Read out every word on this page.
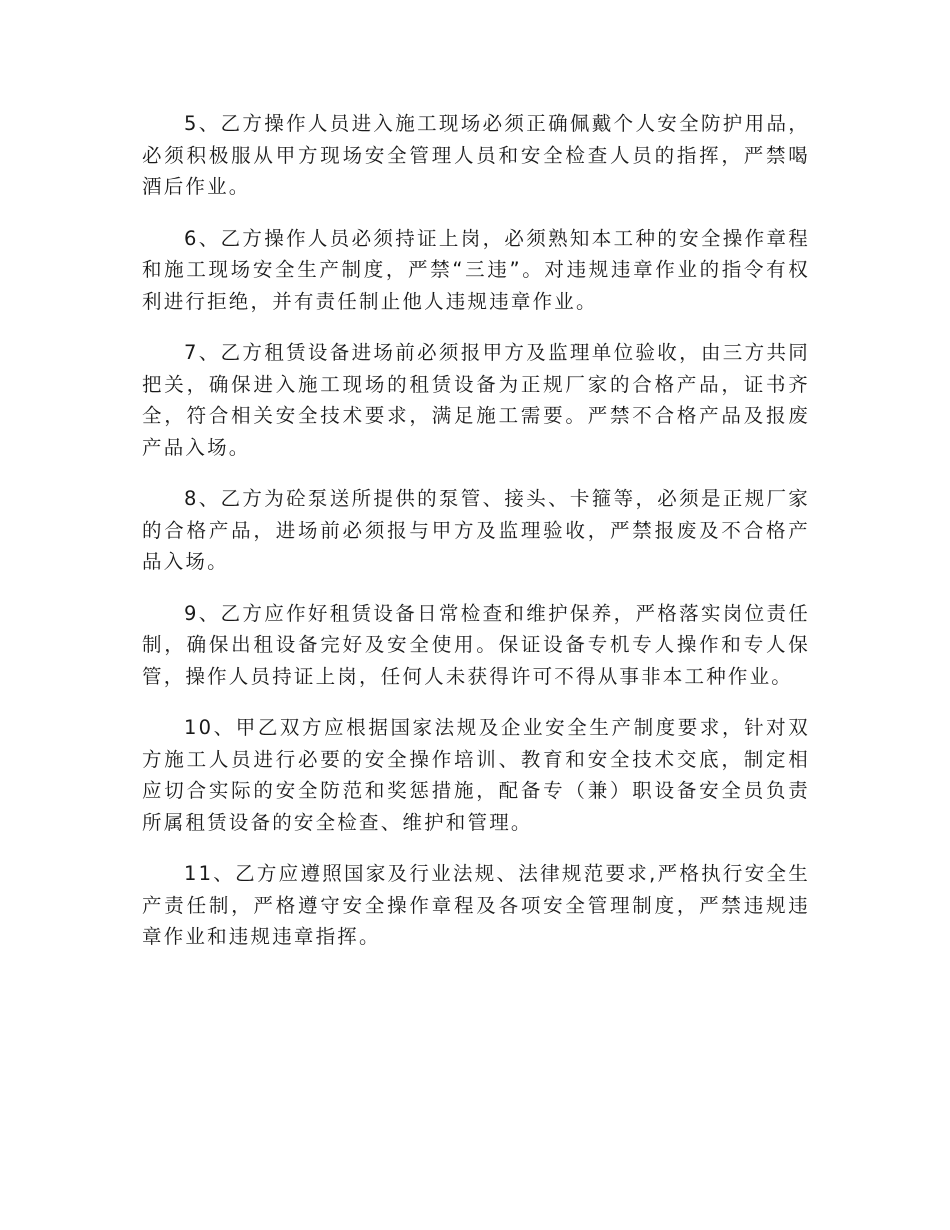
5、乙方操作人员进入施工现场必须正确佩戴个人安全防护用品，必须积极服从甲方现场安全管理人员和安全检查人员的指挥，严禁喝酒后作业。

6、乙方操作人员必须持证上岗，必须熟知本工种的安全操作章程和施工现场安全生产制度，严禁“三违”。对违规违章作业的指令有权利进行拒绝，并有责任制止他人违规违章作业。

7、乙方租赁设备进场前必须报甲方及监理单位验收，由三方共同把关，确保进入施工现场的租赁设备为正规厂家的合格产品，证书齐全，符合相关安全技术要求，满足施工需要。严禁不合格产品及报废产品入场。

8、乙方为砼泵送所提供的泵管、接头、卡箍等，必须是正规厂家的合格产品，进场前必须报与甲方及监理验收，严禁报废及不合格产品入场。

9、乙方应作好租赁设备日常检查和维护保养，严格落实岗位责任制，确保出租设备完好及安全使用。保证设备专机专人操作和专人保管，操作人员持证上岗，任何人未获得许可不得从事非本工种作业。

10、甲乙双方应根据国家法规及企业安全生产制度要求，针对双方施工人员进行必要的安全操作培训、教育和安全技术交底，制定相应切合实际的安全防范和奖惩措施，配备专（兼）职设备安全员负责所属租赁设备的安全检查、维护和管理。

11、乙方应遵照国家及行业法规、法律规范要求,严格执行安全生产责任制，严格遵守安全操作章程及各项安全管理制度，严禁违规违章作业和违规违章指挥。
